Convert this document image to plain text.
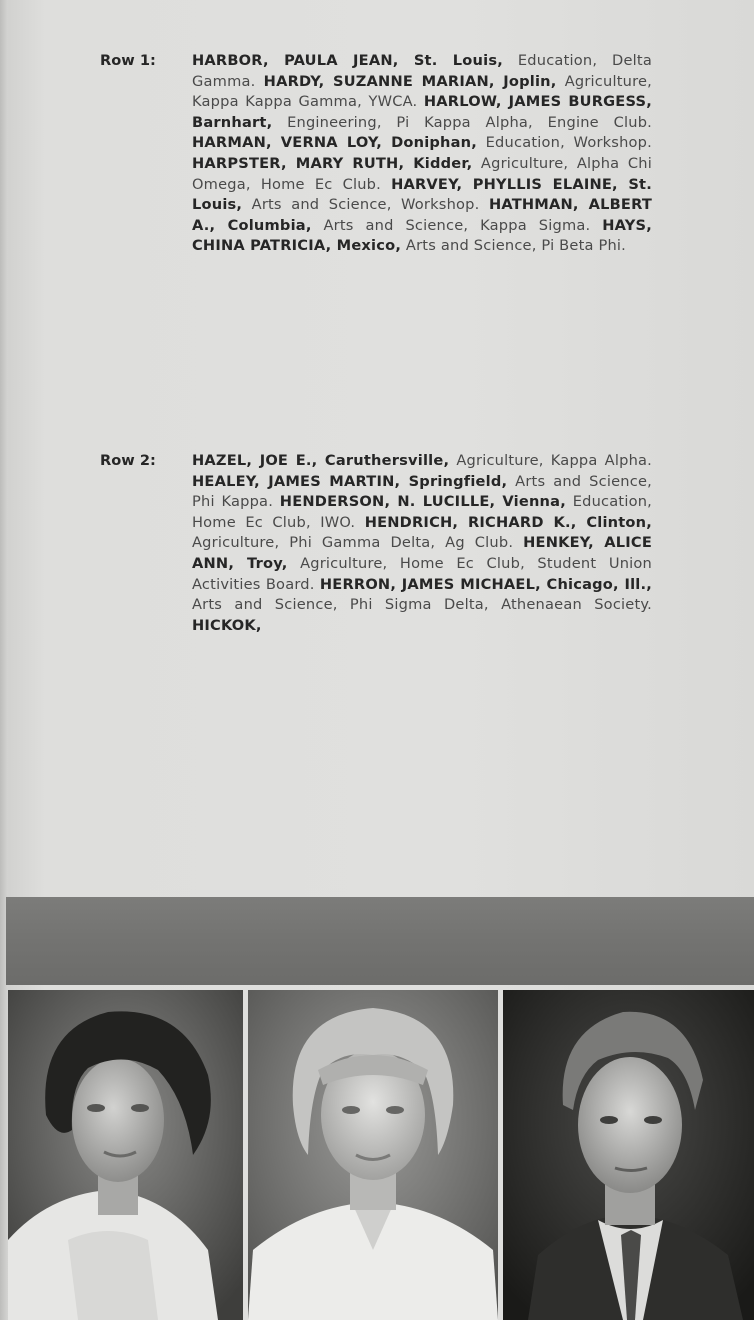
Row 1:	HARBOR, PAULA JEAN, St. Louis, Education, Delta Gamma. HARDY, SUZANNE MARIAN, Joplin, Agriculture, Kappa Kappa Gamma, YWCA. HARLOW, JAMES BURGESS, Barnhart, Engineering, Pi Kappa Alpha, Engine Club. HARMAN, VERNA LOY, Doniphan, Education, Workshop. HARPSTER, MARY RUTH, Kidder, Agriculture, Alpha Chi Omega, Home Ec Club. HARVEY, PHYLLIS ELAINE, St. Louis, Arts and Science, Workshop. HATHMAN, ALBERT A., Columbia, Arts and Science, Kappa Sigma. HAYS, CHINA PATRICIA, Mexico, Arts and Science, Pi Beta Phi.
Row 2:	HAZEL, JOE E., Caruthersville, Agriculture, Kappa Alpha. HEALEY, JAMES MARTIN, Springfield, Arts and Science, Phi Kappa. HENDERSON, N. LUCILLE, Vienna, Education, Home Ec Club, IWO. HENDRICH, RICHARD K., Clinton, Agriculture, Phi Gamma Delta, Ag Club. HENKEY, ALICE ANN, Troy, Agriculture, Home Ec Club, Student Union Activities Board. HERRON, JAMES MICHAEL, Chicago, Ill., Arts and Science, Phi Sigma Delta, Athenaean Society. HICKOK,
